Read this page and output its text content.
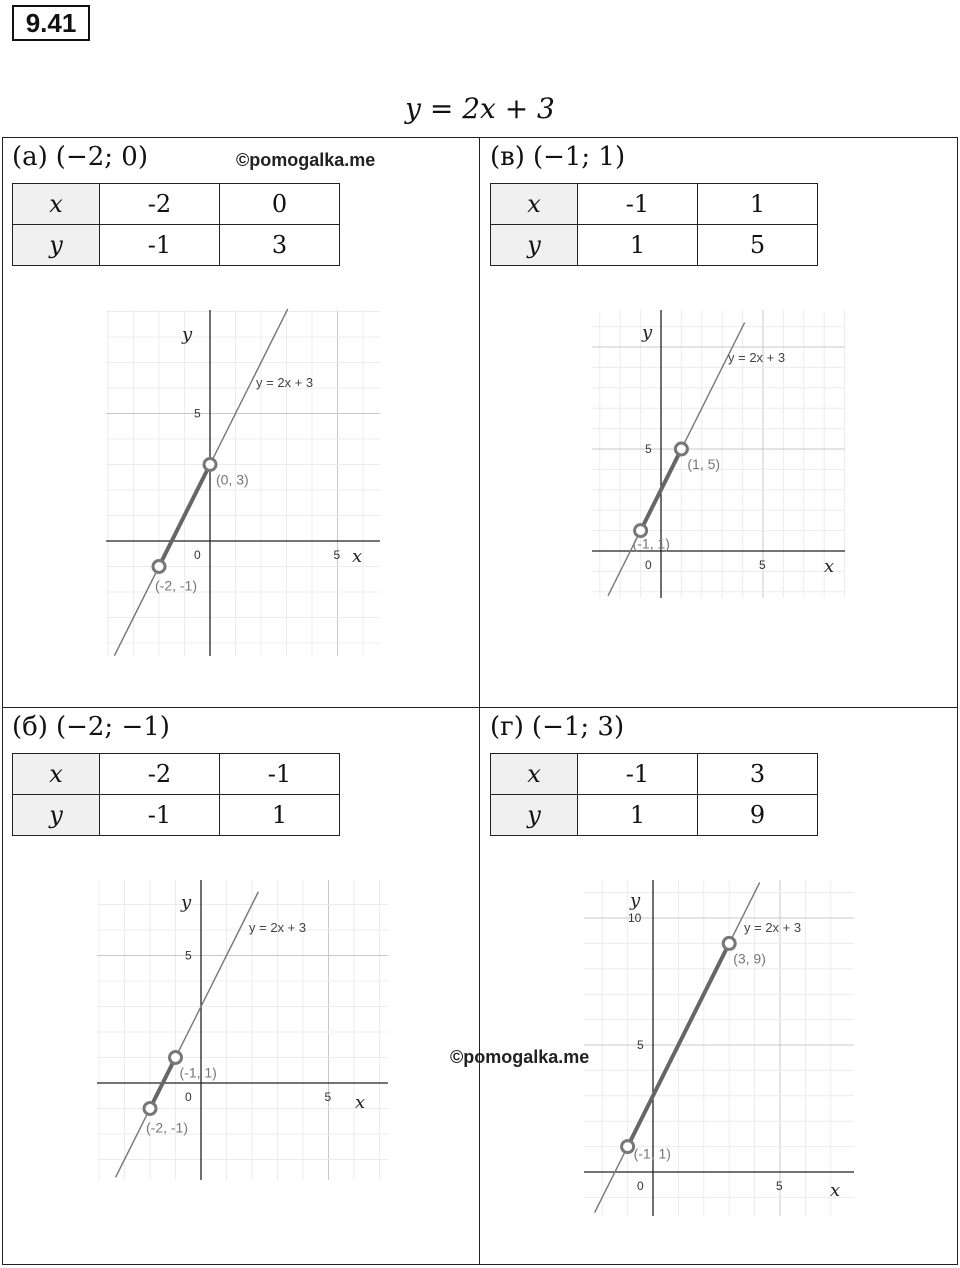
9.41
y = 2x + 3
(а) (−2; 0)	©pomogalka.me
x	-2	0
y	-1	3
(-2, -1)
(0, 3)
5
5
0	x
y
y = 2x + 3
(в) (−1; 1)
x	-1	1
y	1	5
(-1, 1)
(1, 5)
5
5
0	x
y
y = 2x + 3
(б) (−2; −1)
x	-2	-1
y	-1	1
(-2, -1)
(-1, 1)
5
5
0	x
y
y = 2x + 3
(г) (−1; 3)
x	-1	3
y	1	9
(-1, 1)
(3, 9)
5
5
10
0	x
y
y = 2x + 3
©pomogalka.me
